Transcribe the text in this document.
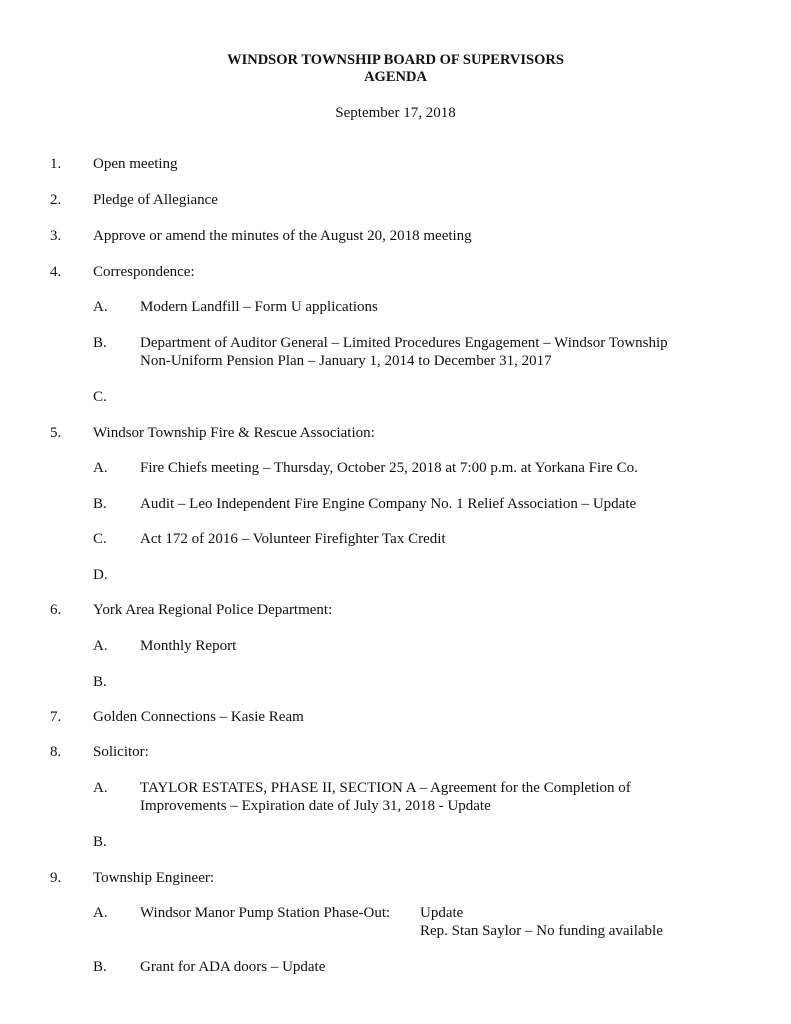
WINDSOR TOWNSHIP BOARD OF SUPERVISORS
AGENDA
September 17, 2018
1. Open meeting
2. Pledge of Allegiance
3. Approve or amend the minutes of the August 20, 2018 meeting
4. Correspondence:
A. Modern Landfill – Form U applications
B. Department of Auditor General – Limited Procedures Engagement – Windsor Township
Non-Uniform Pension Plan – January 1, 2014 to December 31, 2017
C.
5. Windsor Township Fire & Rescue Association:
A. Fire Chiefs meeting – Thursday, October 25, 2018 at 7:00 p.m. at Yorkana Fire Co.
B. Audit – Leo Independent Fire Engine Company No. 1 Relief Association – Update
C. Act 172 of 2016 – Volunteer Firefighter Tax Credit
D.
6. York Area Regional Police Department:
A. Monthly Report
B.
7. Golden Connections – Kasie Ream
8. Solicitor:
A. TAYLOR ESTATES, PHASE II, SECTION A – Agreement for the Completion of
Improvements – Expiration date of July 31, 2018 - Update
B.
9. Township Engineer:
A. Windsor Manor Pump Station Phase-Out: Update
Rep. Stan Saylor – No funding available
B. Grant for ADA doors – Update
